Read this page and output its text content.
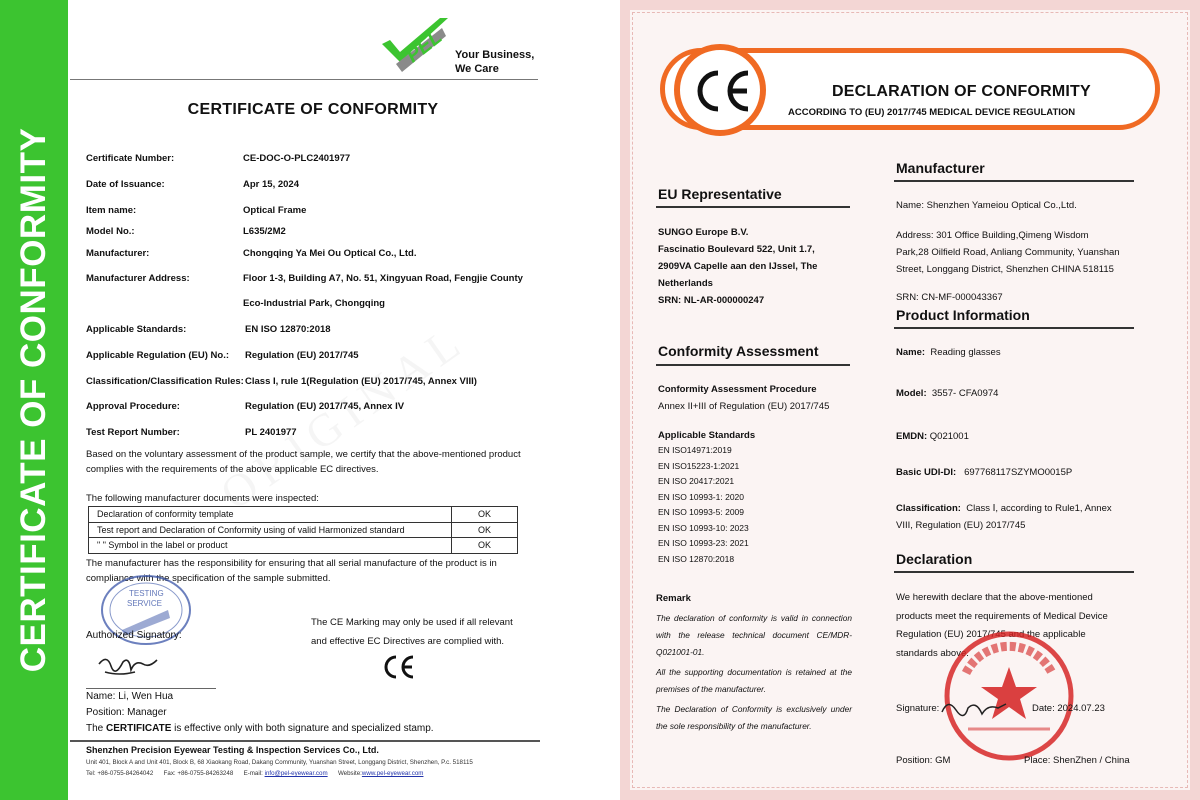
CERTIFICATE OF CONFORMITY
PEL Your Business,
We Care
CERTIFICATE OF CONFORMITY
Certificate Number:	CE-DOC-O-PLC2401977
Date of Issuance:	Apr 15, 2024
Item name:	Optical Frame
Model No.:	L635/2M2
Manufacturer:	Chongqing Ya Mei Ou Optical Co., Ltd.
Manufacturer Address:	Floor 1-3, Building A7, No. 51, Xingyuan Road, Fengjie County
Eco-Industrial Park, Chongqing
Applicable Standards:	EN ISO 12870:2018
Applicable Regulation (EU) No.: Regulation (EU) 2017/745
Classification/Classification Rules: Class I, rule 1(Regulation (EU) 2017/745, Annex VIII)
Approval Procedure:	Regulation (EU) 2017/745, Annex IV
Test Report Number:	PL 2401977
Based on the voluntary assessment of the product sample, we certify that the above-mentioned product complies with the requirements of the above applicable EC directives.
The following manufacturer documents were inspected:
Declaration of conformity template	OK
Test report and Declaration of Conformity using of valid Harmonized standard	OK
" " Symbol in the label or product	OK
The manufacturer has the responsibility for ensuring that all serial manufacture of the product is in compliance with the specification of the sample submitted.
TESTING
SERVICE
Authorized Signatory:
The CE Marking may only be used if all relevant
and effective EC Directives are complied with.
Name: Li, Wen Hua
Position: Manager
The CERTIFICATE is effective only with both signature and specialized stamp.
Shenzhen Precision Eyewear Testing & Inspection Services Co., Ltd.
Unit 401, Block A and Unit 401, Block B, 68 Xiaokang Road, Dakang Community, Yuanshan Street, Longgang District, Shenzhen, P.c. 518115
Tel: +86-0755-84264042 Fax: +86-0755-84263248 E-mail: info@pel-eyewear.com Website:www.pel-eyewear.com
DECLARATION OF CONFORMITY
ACCORDING TO (EU) 2017/745 MEDICAL DEVICE REGULATION
EU Representative
SUNGO Europe B.V.
Fascinatio Boulevard 522, Unit 1.7,
2909VA Capelle aan den IJssel, The
Netherlands
SRN: NL-AR-000000247
Conformity Assessment
Conformity Assessment Procedure
Annex II+III of Regulation (EU) 2017/745
Applicable Standards
EN ISO14971:2019
EN ISO15223-1:2021
EN ISO 20417:2021
EN ISO 10993-1: 2020
EN ISO 10993-5: 2009
EN ISO 10993-10: 2023
EN ISO 10993-23: 2021
EN ISO 12870:2018
Remark
The declaration of conformity is valid in connection with the release technical document CE/MDR-Q021001-01.
All the supporting documentation is retained at the premises of the manufacturer.
The Declaration of Conformity is exclusively under the sole responsibility of the manufacturer.
Manufacturer
Name: Shenzhen Yameiou Optical Co.,Ltd.
Address: 301 Office Building,Qimeng Wisdom
Park,28 Oilfield Road, Anliang Community, Yuanshan
Street, Longgang District, Shenzhen CHINA 518115
SRN: CN-MF-000043367
Product Information
Name: Reading glasses
Model: 3557- CFA0974
EMDN: Q021001
Basic UDI-DI: 697768117SZYMO0015P
Classification: Class Ⅰ, according to Rule1, Annex
VIII, Regulation (EU) 2017/745
Declaration
We herewith declare that the above-mentioned
products meet the requirements of Medical Device
Regulation (EU) 2017/745 and the applicable
standards above.
Signature:	Date: 2024.07.23
Position: GM	Place: ShenZhen / China
